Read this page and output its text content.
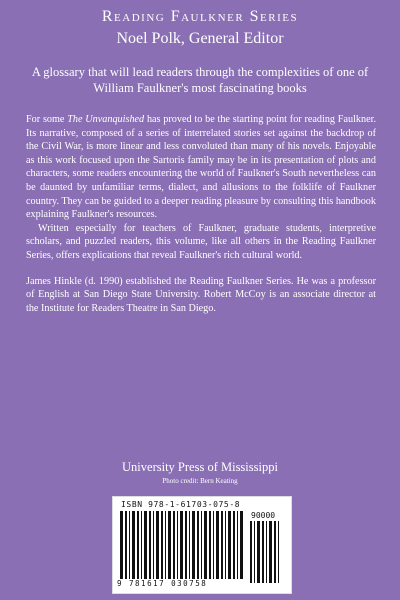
Reading Faulkner Series
Noel Polk, General Editor
A glossary that will lead readers through the complexities of one of William Faulkner's most fascinating books

For some The Unvanquished has proved to be the starting point for reading Faulkner. Its narrative, composed of a series of interrelated stories set against the backdrop of the Civil War, is more linear and less convoluted than many of his novels. Enjoyable as this work focused upon the Sartoris family may be in its presentation of plots and characters, some readers encountering the world of Faulkner's South nevertheless can be daunted by unfamiliar terms, dialect, and allusions to the folklife of Faulkner country. They can be guided to a deeper reading pleasure by consulting this handbook explaining Faulkner's resources.

Written especially for teachers of Faulkner, graduate students, interpretive scholars, and puzzled readers, this volume, like all others in the Reading Faulkner Series, offers explications that reveal Faulkner's rich cultural world.

James Hinkle (d. 1990) established the Reading Faulkner Series. He was a professor of English at San Diego State University. Robert McCoy is an associate director at the Institute for Readers Theatre in San Diego.

University Press of Mississippi
Photo credit: Bern Keating
ISBN 978-1-61703-075-8
90000
9 781617 030758
